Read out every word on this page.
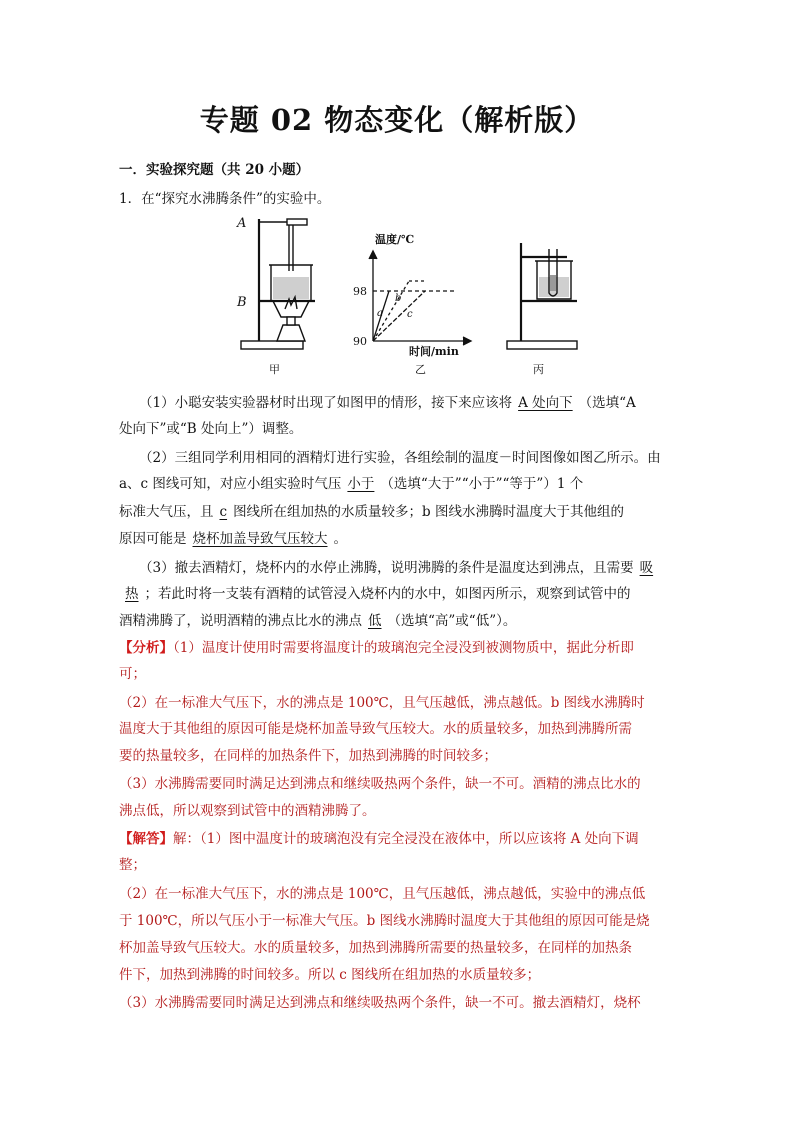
专题 02 物态变化（解析版）
一．实验探究题（共 20 小题）
1．在“探究水沸腾条件”的实验中。
A
B
甲
温度/℃
时间/min
98
90
a
b
c
乙	丙
（1）小聪安装实验器材时出现了如图甲的情形，接下来应该将 A 处向下 （选填“A
处向下”或“B 处向上”）调整。
（2）三组同学利用相同的酒精灯进行实验，各组绘制的温度－时间图像如图乙所示。由
a、c 图线可知，对应小组实验时气压 小于 （选填“大于”“小于”“等于”）1 个
标准大气压，且 c 图线所在组加热的水质量较多；b 图线水沸腾时温度大于其他组的
原因可能是 烧杯加盖导致气压较大 。
（3）撤去酒精灯，烧杯内的水停止沸腾，说明沸腾的条件是温度达到沸点，且需要 吸
热 ；若此时将一支装有酒精的试管浸入烧杯内的水中，如图丙所示，观察到试管中的
酒精沸腾了，说明酒精的沸点比水的沸点 低 （选填“高”或“低”）。
【分析】（1）温度计使用时需要将温度计的玻璃泡完全浸没到被测物质中，据此分析即
可；
（2）在一标准大气压下，水的沸点是 100℃，且气压越低，沸点越低。b 图线水沸腾时
温度大于其他组的原因可能是烧杯加盖导致气压较大。水的质量较多，加热到沸腾所需
要的热量较多，在同样的加热条件下，加热到沸腾的时间较多；
（3）水沸腾需要同时满足达到沸点和继续吸热两个条件，缺一不可。酒精的沸点比水的
沸点低，所以观察到试管中的酒精沸腾了。
【解答】解：（1）图中温度计的玻璃泡没有完全浸没在液体中，所以应该将 A 处向下调
整；
（2）在一标准大气压下，水的沸点是 100℃，且气压越低，沸点越低，实验中的沸点低
于 100℃，所以气压小于一标准大气压。b 图线水沸腾时温度大于其他组的原因可能是烧
杯加盖导致气压较大。水的质量较多，加热到沸腾所需要的热量较多，在同样的加热条
件下，加热到沸腾的时间较多。所以 c 图线所在组加热的水质量较多；
（3）水沸腾需要同时满足达到沸点和继续吸热两个条件，缺一不可。撤去酒精灯，烧杯
